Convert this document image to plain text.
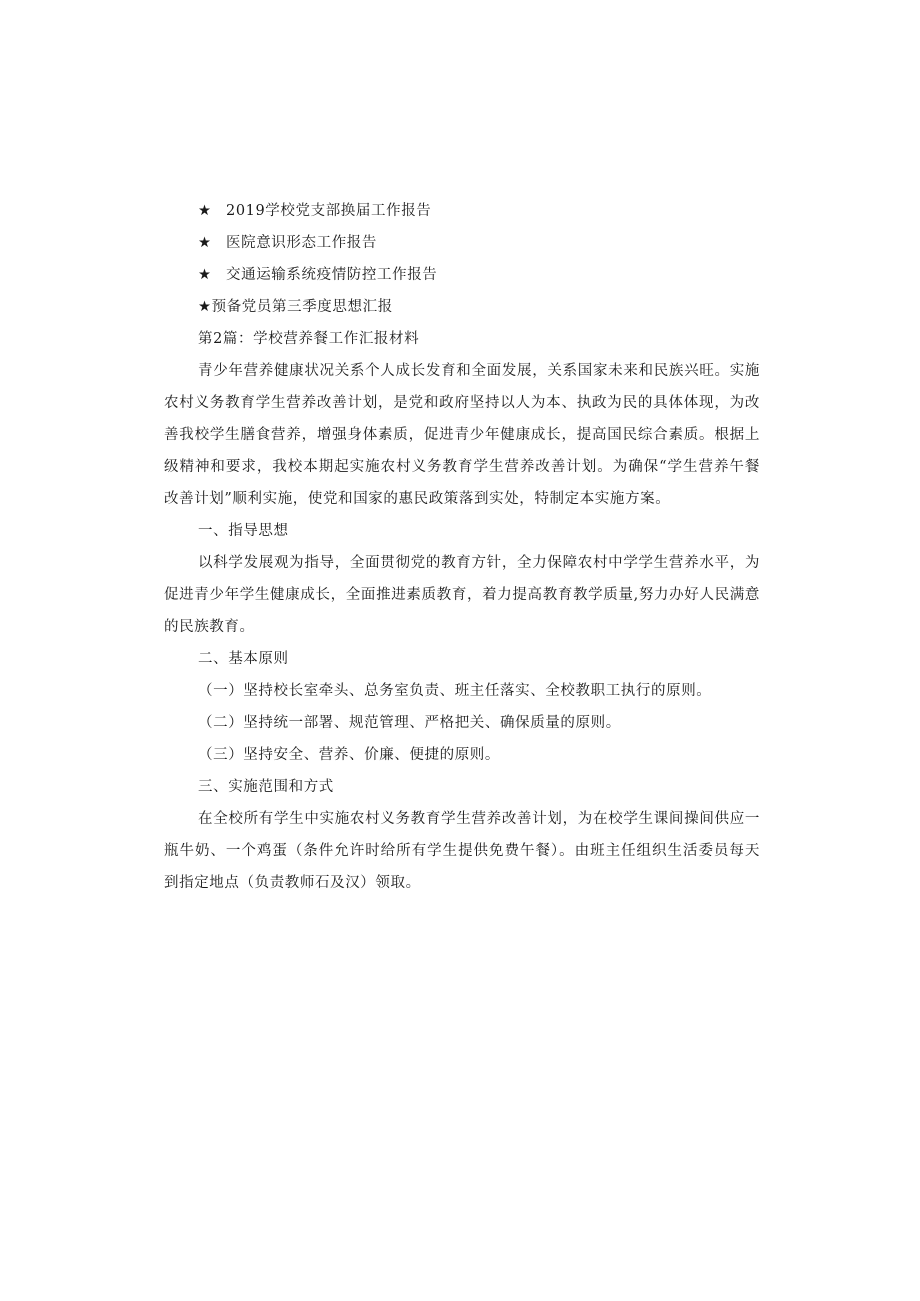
★ 2019学校党支部换届工作报告
★ 医院意识形态工作报告
★ 交通运输系统疫情防控工作报告
★预备党员第三季度思想汇报
第2篇：学校营养餐工作汇报材料

青少年营养健康状况关系个人成长发育和全面发展，关系国家未来和民族兴旺。实施农村义务教育学生营养改善计划，是党和政府坚持以人为本、执政为民的具体体现，为改善我校学生膳食营养，增强身体素质，促进青少年健康成长，提高国民综合素质。根据上级精神和要求，我校本期起实施农村义务教育学生营养改善计划。为确保“学生营养午餐改善计划”顺利实施，使党和国家的惠民政策落到实处，特制定本实施方案。

一、指导思想

以科学发展观为指导，全面贯彻党的教育方针，全力保障农村中学学生营养水平，为促进青少年学生健康成长，全面推进素质教育，着力提高教育教学质量,努力办好人民满意的民族教育。

二、基本原则
（一）坚持校长室牵头、总务室负责、班主任落实、全校教职工执行的原则。
（二）坚持统一部署、规范管理、严格把关、确保质量的原则。
（三）坚持安全、营养、价廉、便捷的原则。
三、实施范围和方式

在全校所有学生中实施农村义务教育学生营养改善计划，为在校学生课间操间供应一瓶牛奶、一个鸡蛋（条件允许时给所有学生提供免费午餐）。由班主任组织生活委员每天到指定地点（负责教师石及汉）领取。
